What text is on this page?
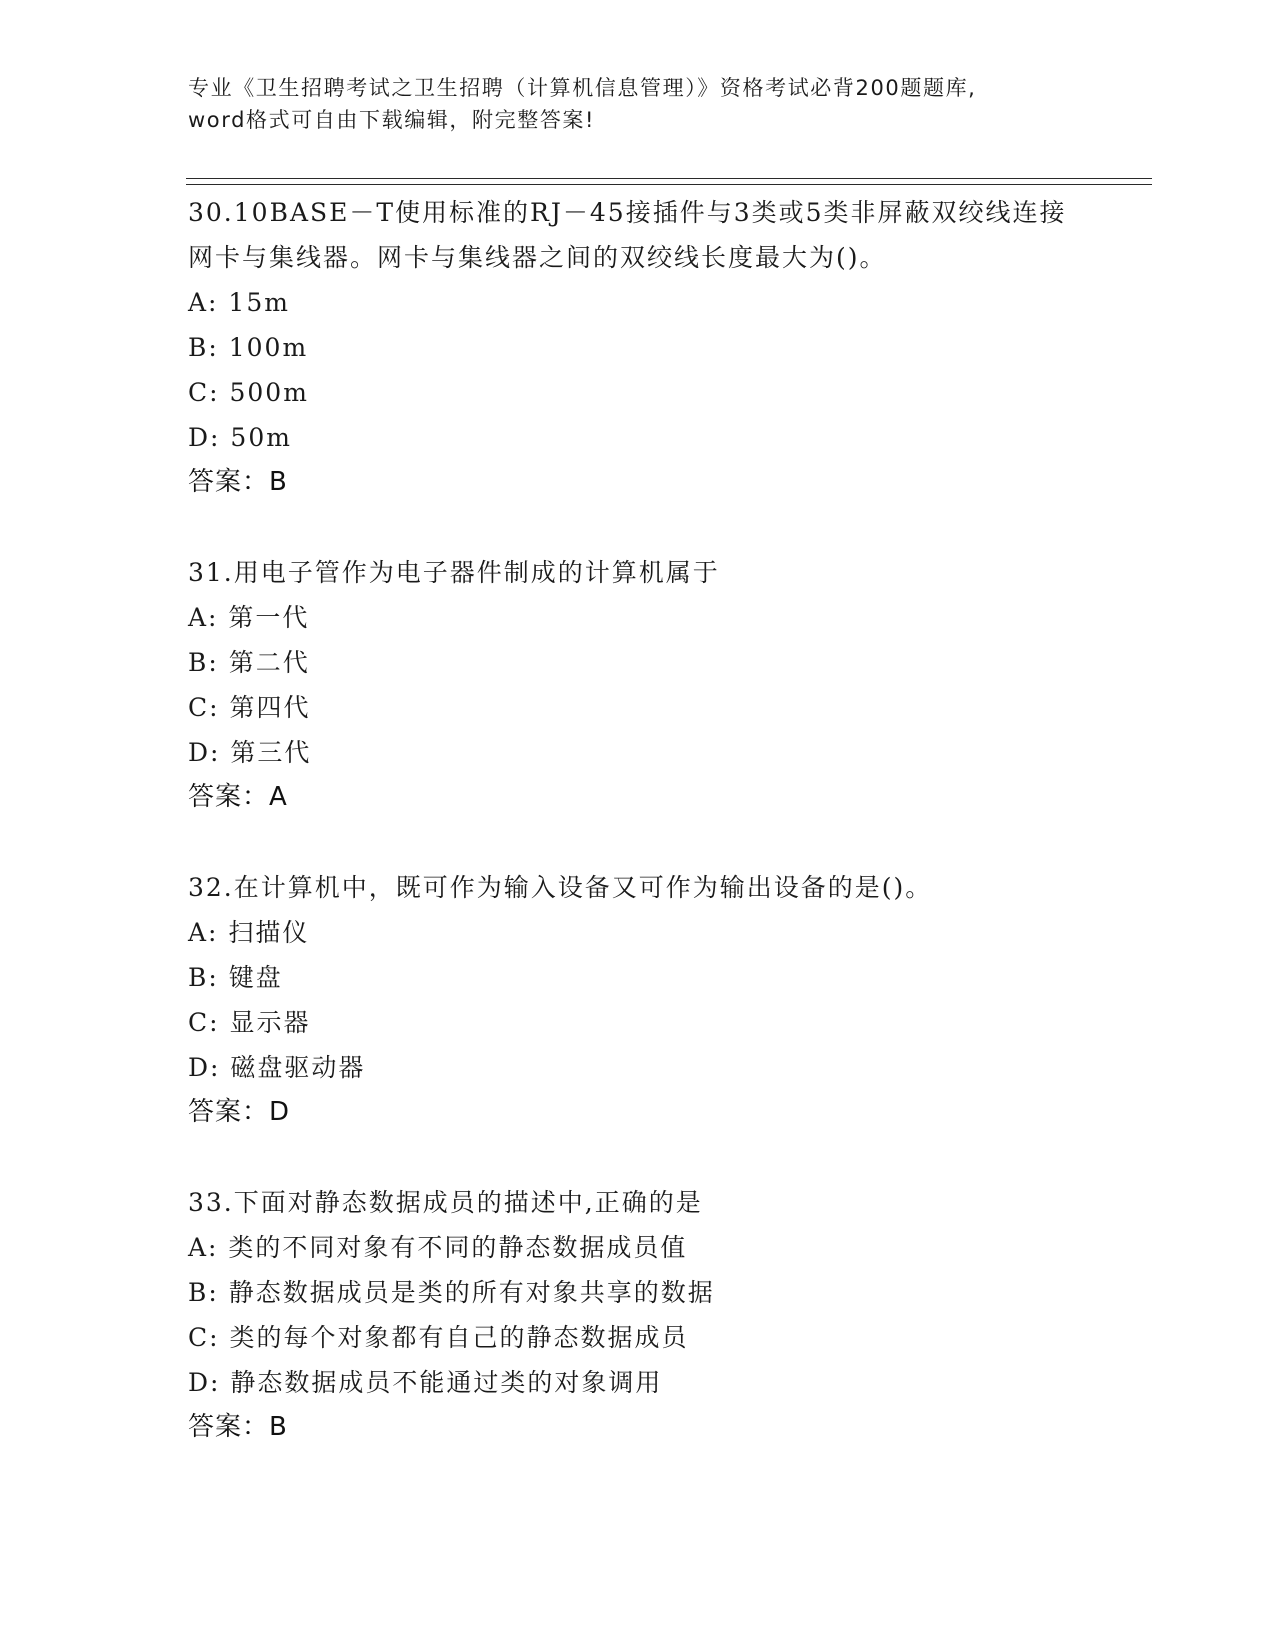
专业《卫生招聘考试之卫生招聘（计算机信息管理）》资格考试必背200题题库,
word格式可自由下载编辑，附完整答案!
30.10BASE－T使用标准的RJ－45接插件与3类或5类非屏蔽双绞线连接网卡与集线器。网卡与集线器之间的双绞线长度最大为()。
A: 15m
B: 100m
C: 500m
D: 50m
答案：B
31.用电子管作为电子器件制成的计算机属于
A: 第一代
B: 第二代
C: 第四代
D: 第三代
答案：A
32.在计算机中，既可作为输入设备又可作为输出设备的是()。
A: 扫描仪
B: 键盘
C: 显示器
D: 磁盘驱动器
答案：D
33.下面对静态数据成员的描述中,正确的是
A: 类的不同对象有不同的静态数据成员值
B: 静态数据成员是类的所有对象共享的数据
C: 类的每个对象都有自己的静态数据成员
D: 静态数据成员不能通过类的对象调用
答案：B
